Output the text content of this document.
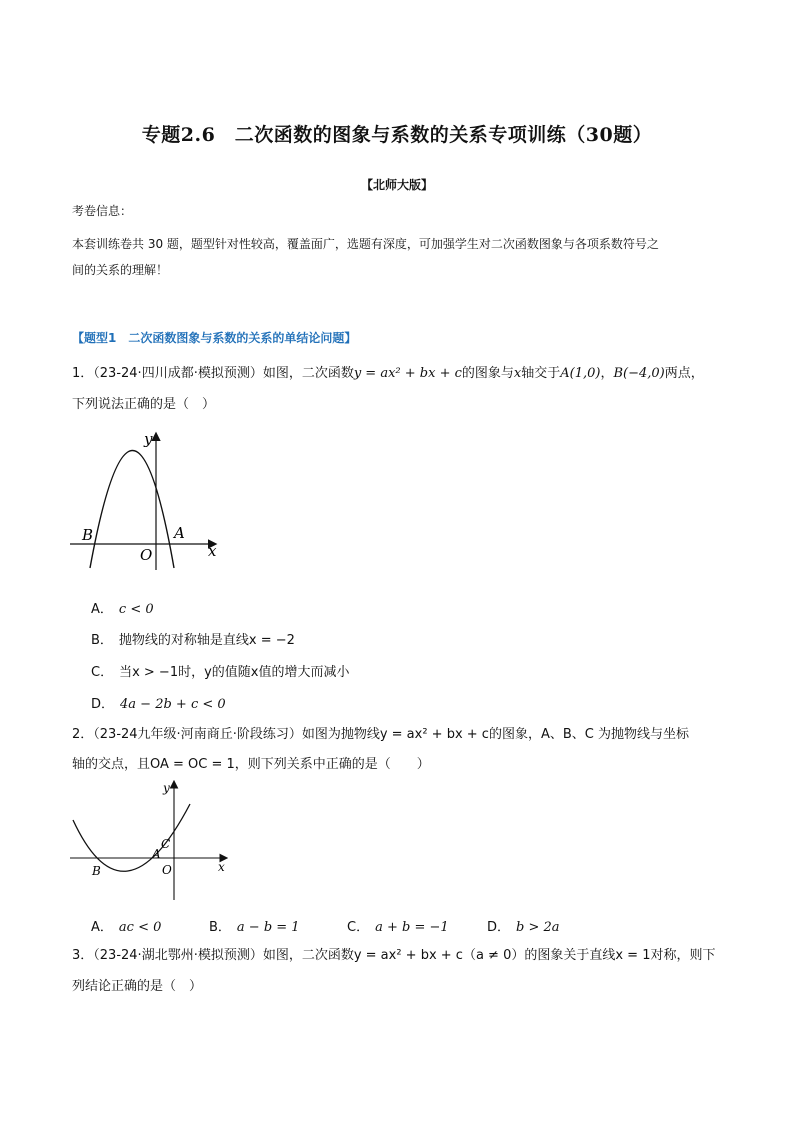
专题2.6　二次函数的图象与系数的关系专项训练（30题）
【北师大版】
考卷信息：
本套训练卷共 30 题，题型针对性较高，覆盖面广，选题有深度，可加强学生对二次函数图象与各项系数符号之
间的关系的理解！
【题型1　二次函数图象与系数的关系的单结论问题】
1．（23-24·四川成都·模拟预测）如图，二次函数y = ax² + bx + c的图象与x轴交于A(1,0)，B(−4,0)两点，
下列说法正确的是（　）
y
x
O
A
B
A． c < 0
B． 抛物线的对称轴是直线x = −2
C． 当x > −1时，y的值随x值的增大而减小
D． 4a − 2b + c < 0
2．（23-24九年级·河南商丘·阶段练习）如图为抛物线y = ax² + bx + c的图象，A、B、C 为抛物线与坐标
轴的交点，且OA = OC = 1，则下列关系中正确的是（　　）
y
x
O
A
B
C
A． ac < 0	B． a − b = 1	C． a + b = −1	D． b > 2a
3．（23-24·湖北鄂州·模拟预测）如图，二次函数y = ax² + bx + c（a ≠ 0）的图象关于直线x = 1对称，则下
列结论正确的是（　）
